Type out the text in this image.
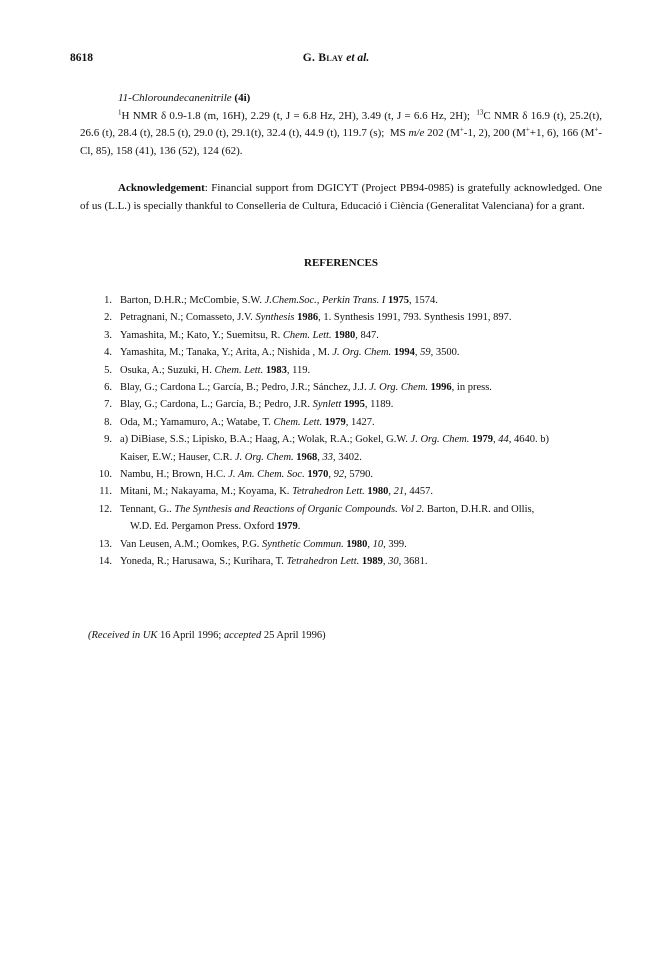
8618	G. Blay et al.
11-Chloroundecanenitrile (4i)

$^1$H NMR δ 0.9-1.8 (m, 16H), 2.29 (t, J = 6.8 Hz, 2H), 3.49 (t, J = 6.6 Hz, 2H); $^{13}$C NMR δ 16.9 (t), 25.2(t), 26.6 (t), 28.4 (t), 28.5 (t), 29.0 (t), 29.1(t), 32.4 (t), 44.9 (t), 119.7 (s); MS m/e 202 (M+-1, 2), 200 (M++1, 6), 166 (M+-Cl, 85), 158 (41), 136 (52), 124 (62).

Acknowledgement: Financial support from DGICYT (Project PB94-0985) is gratefully acknowledged. One of us (L.L.) is specially thankful to Conselleria de Cultura, Educació i Ciència (Generalitat Valenciana) for a grant.

REFERENCES
1. Barton, D.H.R.; McCombie, S.W. J.Chem.Soc., Perkin Trans. I 1975, 1574.
2. Petragnani, N.; Comasseto, J.V. Synthesis 1986, 1. Synthesis 1991, 793. Synthesis 1991, 897.
3. Yamashita, M.; Kato, Y.; Suemitsu, R. Chem. Lett. 1980, 847.
4. Yamashita, M.; Tanaka, Y.; Arita, A.; Nishida , M. J. Org. Chem. 1994, 59, 3500.
5. Osuka, A.; Suzuki, H. Chem. Lett. 1983, 119.
6. Blay, G.; Cardona L.; García, B.; Pedro, J.R.; Sánchez, J.J. J. Org. Chem. 1996, in press.
7. Blay, G.; Cardona, L.; García, B.; Pedro, J.R. Synlett 1995, 1189.
8. Oda, M.; Yamamuro, A.; Watabe, T. Chem. Lett. 1979, 1427.
9. a) DiBiase, S.S.; Lipisko, B.A.; Haag, A.; Wolak, R.A.; Gokel, G.W. J. Org. Chem. 1979, 44, 4640. b)
Kaiser, E.W.; Hauser, C.R. J. Org. Chem. 1968, 33, 3402.
10. Nambu, H.; Brown, H.C. J. Am. Chem. Soc. 1970, 92, 5790.
11. Mitani, M.; Nakayama, M.; Koyama, K. Tetrahedron Lett. 1980, 21, 4457.
12. Tennant, G.. The Synthesis and Reactions of Organic Compounds. Vol 2. Barton, D.H.R. and Ollis,
W.D. Ed. Pergamon Press. Oxford 1979.
13. Van Leusen, A.M.; Oomkes, P.G. Synthetic Commun. 1980, 10, 399.
14. Yoneda, R.; Harusawa, S.; Kurihara, T. Tetrahedron Lett. 1989, 30, 3681.
(Received in UK 16 April 1996; accepted 25 April 1996)
